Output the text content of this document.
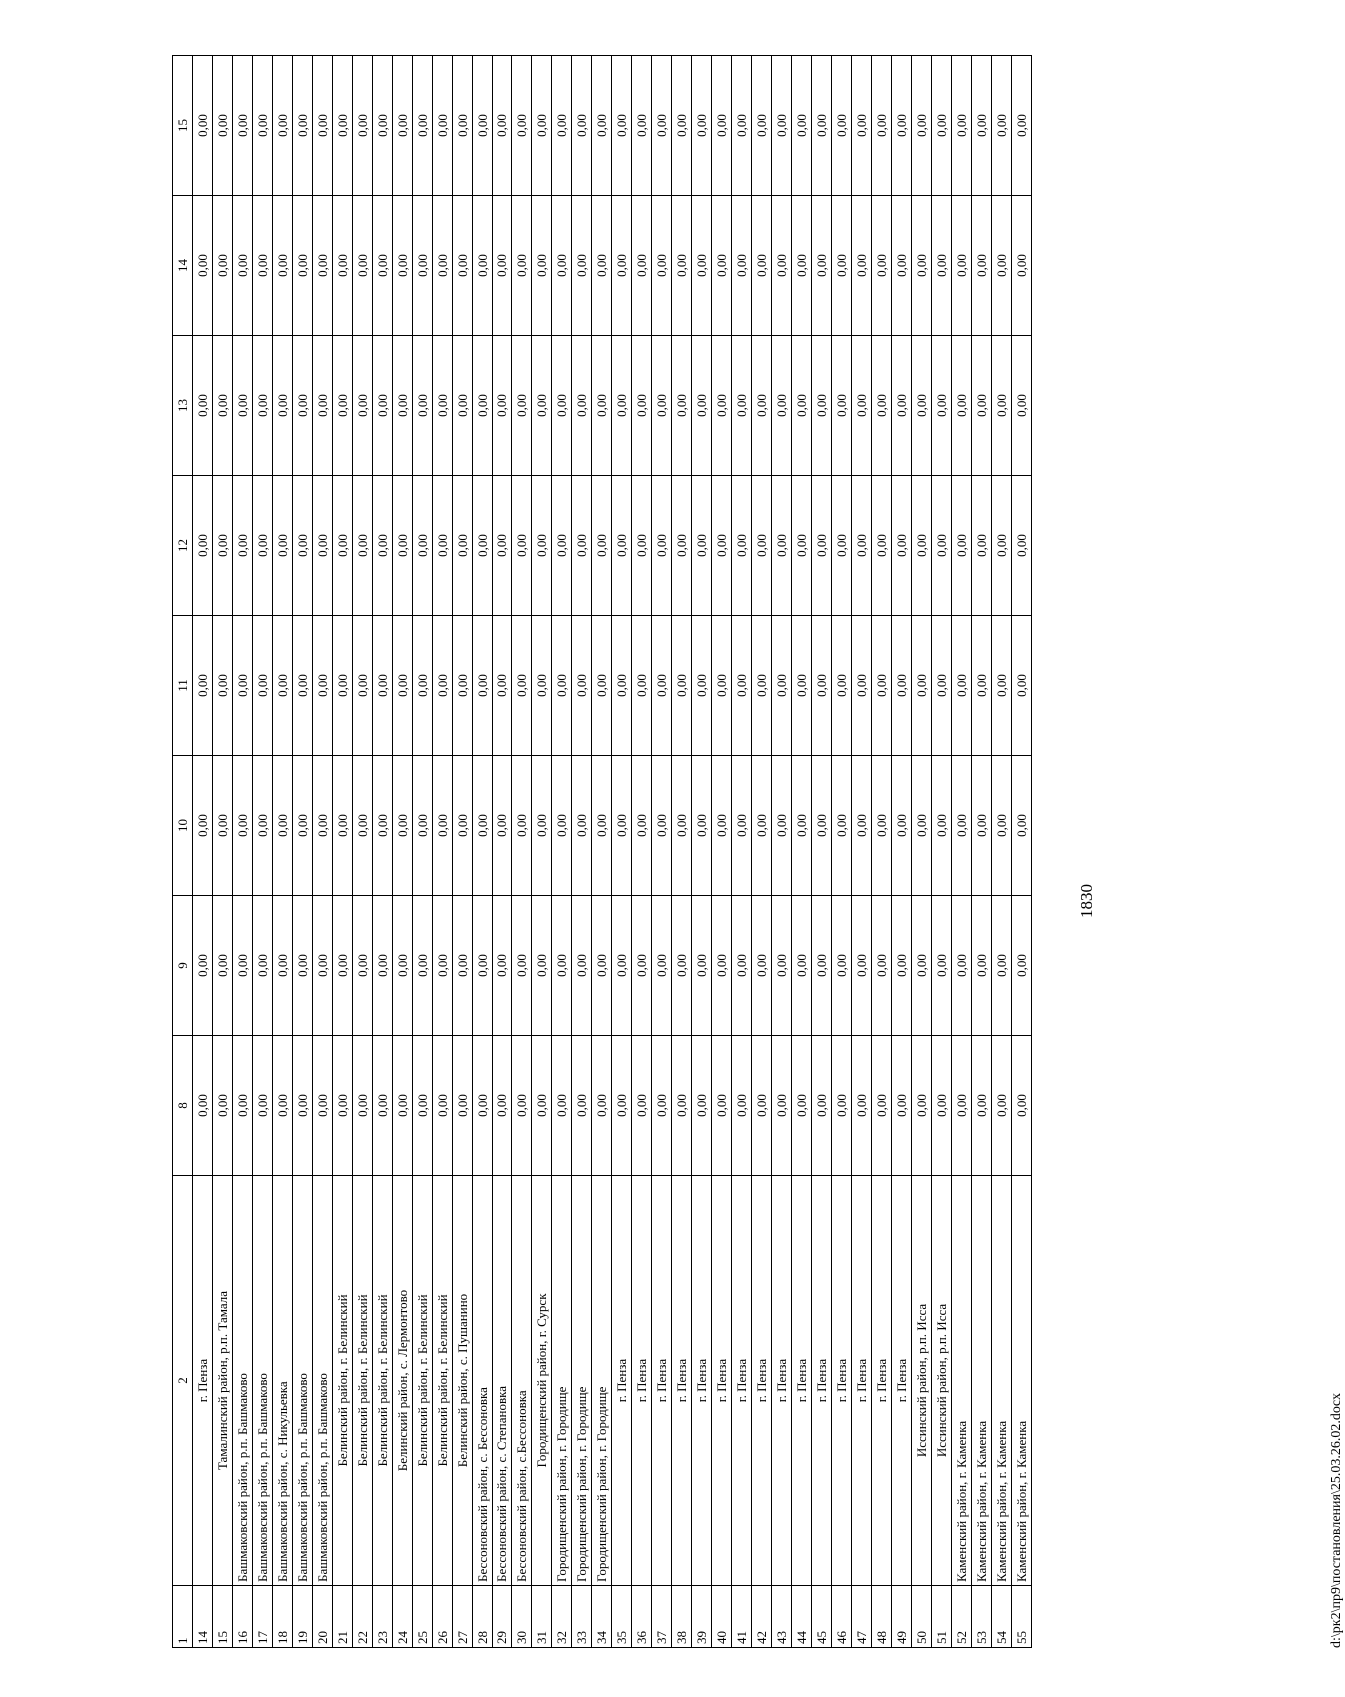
1	2	8	9	10	11	12	13	14	15
14	г. Пенза	0,00	0,00	0,00	0,00	0,00	0,00	0,00	0,00
15	Тамалинский район, р.п. Тамала	0,00	0,00	0,00	0,00	0,00	0,00	0,00	0,00
16	Башмаковский район, р.п. Башмаково	0,00	0,00	0,00	0,00	0,00	0,00	0,00	0,00
17	Башмаковский район, р.п. Башмаково	0,00	0,00	0,00	0,00	0,00	0,00	0,00	0,00
18	Башмаковский район, с. Никульевка	0,00	0,00	0,00	0,00	0,00	0,00	0,00	0,00
19	Башмаковский район, р.п. Башмаково	0,00	0,00	0,00	0,00	0,00	0,00	0,00	0,00
20	Башмаковский район, р.п. Башмаково	0,00	0,00	0,00	0,00	0,00	0,00	0,00	0,00
21	Белинский район, г. Белинский	0,00	0,00	0,00	0,00	0,00	0,00	0,00	0,00
22	Белинский район, г. Белинский	0,00	0,00	0,00	0,00	0,00	0,00	0,00	0,00
23	Белинский район, г. Белинский	0,00	0,00	0,00	0,00	0,00	0,00	0,00	0,00
24	Белинский район, с. Лермонтово	0,00	0,00	0,00	0,00	0,00	0,00	0,00	0,00
25	Белинский район, г. Белинский	0,00	0,00	0,00	0,00	0,00	0,00	0,00	0,00
26	Белинский район, г. Белинский	0,00	0,00	0,00	0,00	0,00	0,00	0,00	0,00
27	Белинский район, с. Пушанино	0,00	0,00	0,00	0,00	0,00	0,00	0,00	0,00
28	Бессоновский район, с. Бессоновка	0,00	0,00	0,00	0,00	0,00	0,00	0,00	0,00
29	Бессоновский район, с. Степановка	0,00	0,00	0,00	0,00	0,00	0,00	0,00	0,00
30	Бессоновский район, с.Бессоновка	0,00	0,00	0,00	0,00	0,00	0,00	0,00	0,00
31	Городищенский район, г. Сурск	0,00	0,00	0,00	0,00	0,00	0,00	0,00	0,00
32	Городищенский район, г. Городище	0,00	0,00	0,00	0,00	0,00	0,00	0,00	0,00
33	Городищенский район, г. Городище	0,00	0,00	0,00	0,00	0,00	0,00	0,00	0,00
34	Городищенский район, г. Городище	0,00	0,00	0,00	0,00	0,00	0,00	0,00	0,00
35	г. Пенза	0,00	0,00	0,00	0,00	0,00	0,00	0,00	0,00
36	г. Пенза	0,00	0,00	0,00	0,00	0,00	0,00	0,00	0,00
37	г. Пенза	0,00	0,00	0,00	0,00	0,00	0,00	0,00	0,00
38	г. Пенза	0,00	0,00	0,00	0,00	0,00	0,00	0,00	0,00
39	г. Пенза	0,00	0,00	0,00	0,00	0,00	0,00	0,00	0,00
40	г. Пенза	0,00	0,00	0,00	0,00	0,00	0,00	0,00	0,00
41	г. Пенза	0,00	0,00	0,00	0,00	0,00	0,00	0,00	0,00
42	г. Пенза	0,00	0,00	0,00	0,00	0,00	0,00	0,00	0,00
43	г. Пенза	0,00	0,00	0,00	0,00	0,00	0,00	0,00	0,00
44	г. Пенза	0,00	0,00	0,00	0,00	0,00	0,00	0,00	0,00
45	г. Пенза	0,00	0,00	0,00	0,00	0,00	0,00	0,00	0,00
46	г. Пенза	0,00	0,00	0,00	0,00	0,00	0,00	0,00	0,00
47	г. Пенза	0,00	0,00	0,00	0,00	0,00	0,00	0,00	0,00
48	г. Пенза	0,00	0,00	0,00	0,00	0,00	0,00	0,00	0,00
49	г. Пенза	0,00	0,00	0,00	0,00	0,00	0,00	0,00	0,00
50	Иссинский район, р.п. Исса	0,00	0,00	0,00	0,00	0,00	0,00	0,00	0,00
51	Иссинский район, р.п. Исса	0,00	0,00	0,00	0,00	0,00	0,00	0,00	0,00
52	Каменский район, г. Каменка	0,00	0,00	0,00	0,00	0,00	0,00	0,00	0,00
53	Каменский район, г. Каменка	0,00	0,00	0,00	0,00	0,00	0,00	0,00	0,00
54	Каменский район, г. Каменка	0,00	0,00	0,00	0,00	0,00	0,00	0,00	0,00
55	Каменский район, г. Каменка	0,00	0,00	0,00	0,00	0,00	0,00	0,00	0,00
1830
d:\рк2\пр9\постановления\25.03.26.02.docx
